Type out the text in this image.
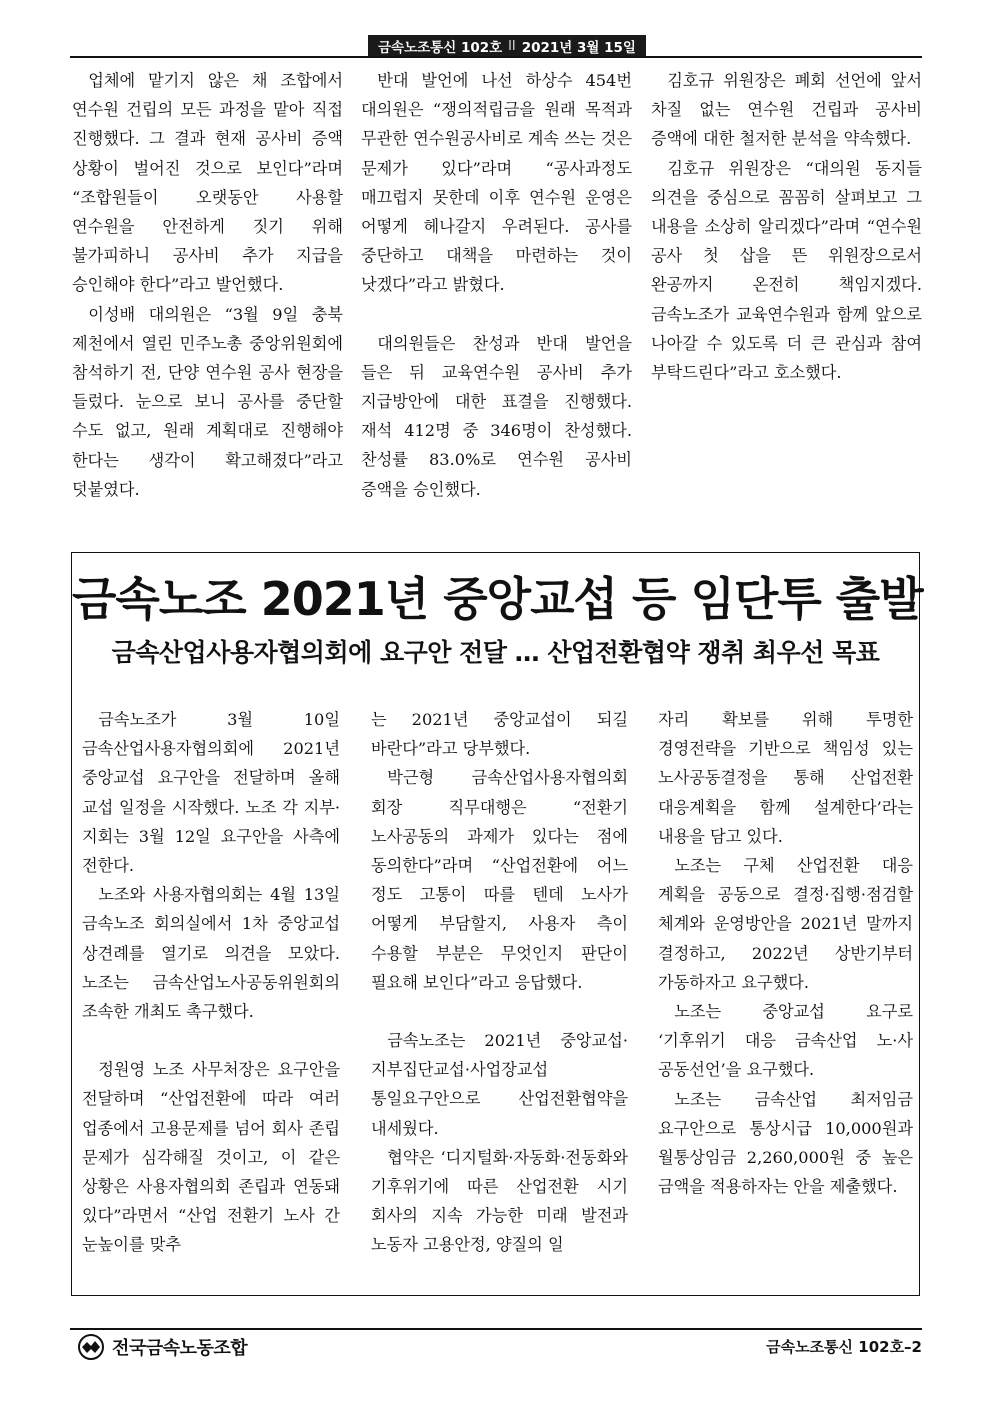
금속노조통신 102호 ll 2021년 3월 15일

업체에 맡기지 않은 채 조합에서 연수원 건립의 모든 과정을 맡아 직접 진행했다. 그 결과 현재 공사비 증액 상황이 벌어진 것으로 보인다”라며 “조합원들이 오랫동안 사용할 연수원을 안전하게 짓기 위해 불가피하니 공사비 추가 지급을 승인해야 한다”라고 발언했다.

이성배 대의원은 “3월 9일 충북 제천에서 열린 민주노총 중앙위원회에 참석하기 전, 단양 연수원 공사 현장을 들렀다. 눈으로 보니 공사를 중단할 수도 없고, 원래 계획대로 진행해야 한다는 생각이 확고해졌다”라고 덧붙였다.

반대 발언에 나선 하상수 454번 대의원은 “쟁의적립금을 원래 목적과 무관한 연수원공사비로 계속 쓰는 것은 문제가 있다”라며 “공사과정도 매끄럽지 못한데 이후 연수원 운영은 어떻게 헤나갈지 우려된다. 공사를 중단하고 대책을 마련하는 것이 낫겠다”라고 밝혔다.

대의원들은 찬성과 반대 발언을 들은 뒤 교육연수원 공사비 추가 지급방안에 대한 표결을 진행했다. 재석 412명 중 346명이 찬성했다. 찬성률 83.0%로 연수원 공사비 증액을 승인했다.

김호규 위원장은 폐회 선언에 앞서 차질 없는 연수원 건립과 공사비 증액에 대한 철저한 분석을 약속했다.

김호규 위원장은 “대의원 동지들 의견을 중심으로 꼼꼼히 살펴보고 그 내용을 소상히 알리겠다”라며 “연수원 공사 첫 삽을 뜬 위원장으로서 완공까지 온전히 책임지겠다. 금속노조가 교육연수원과 함께 앞으로 나아갈 수 있도록 더 큰 관심과 참여 부탁드린다”라고 호소했다.

금속노조 2021년 중앙교섭 등 임단투 출발
금속산업사용자협의회에 요구안 전달 … 산업전환협약 쟁취 최우선 목표

금속노조가 3월 10일 금속산업사용자협의회에 2021년 중앙교섭 요구안을 전달하며 올해 교섭 일정을 시작했다. 노조 각 지부·지회는 3월 12일 요구안을 사측에 전한다.

노조와 사용자협의회는 4월 13일 금속노조 회의실에서 1차 중앙교섭 상견례를 열기로 의견을 모았다. 노조는 금속산업노사공동위원회의 조속한 개최도 촉구했다.

정원영 노조 사무처장은 요구안을 전달하며 “산업전환에 따라 여러 업종에서 고용문제를 넘어 회사 존립 문제가 심각해질 것이고, 이 같은 상황은 사용자협의회 존립과 연동돼 있다”라면서 “산업 전환기 노사 간 눈높이를 맞추

는 2021년 중앙교섭이 되길 바란다”라고 당부했다.

박근형 금속산업사용자협의회 회장 직무대행은 “전환기 노사공동의 과제가 있다는 점에 동의한다”라며 “산업전환에 어느 정도 고통이 따를 텐데 노사가 어떻게 부담할지, 사용자 측이 수용할 부분은 무엇인지 판단이 필요해 보인다”라고 응답했다.

금속노조는 2021년 중앙교섭·지부집단교섭·사업장교섭 통일요구안으로 산업전환협약을 내세웠다.

협약은 ‘디지털화·자동화·전동화와 기후위기에 따른 산업전환 시기 회사의 지속 가능한 미래 발전과 노동자 고용안정, 양질의 일

자리 확보를 위해 투명한 경영전략을 기반으로 책임성 있는 노사공동결정을 통해 산업전환 대응계획을 함께 설계한다’라는 내용을 담고 있다.

노조는 구체 산업전환 대응 계획을 공동으로 결정·집행·점검할 체계와 운영방안을 2021년 말까지 결정하고, 2022년 상반기부터 가동하자고 요구했다.

노조는 중앙교섭 요구로 ‘기후위기 대응 금속산업 노·사 공동선언’을 요구했다.

노조는 금속산업 최저임금 요구안으로 통상시급 10,000원과 월통상임금 2,260,000원 중 높은 금액을 적용하자는 안을 제출했다.

전국금속노동조합	금속노조통신 102호–2
